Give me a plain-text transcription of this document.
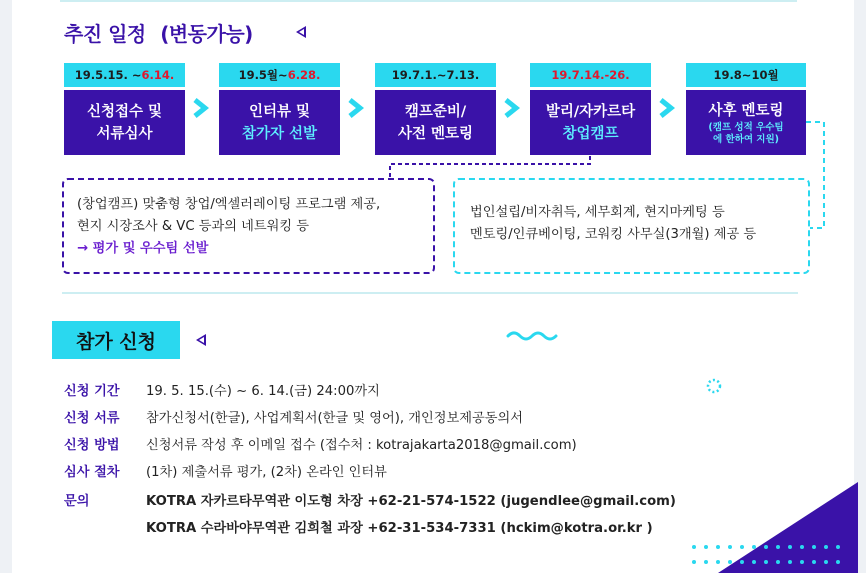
추진 일정 (변동가능)
19.5.15. ~ 6.14.
신청접수 및
서류심사
19.5월~ 6.28.
인터뷰 및
참가자 선발
19.7.1.~7.13.
캠프준비/
사전 멘토링
19.7.14.-26.
발리/자카르타
창업캠프
19.8~10월
사후 멘토링
(캠프 성적 우수팀
에 한하여 지원)
(창업캠프) 맞춤형 창업/엑셀러레이팅 프로그램 제공,
현지 시장조사 & VC 등과의 네트워킹 등
→ 평가 및 우수팀 선발
법인설립/비자취득, 세무회계, 현지마케팅 등
멘토링/인큐베이팅, 코워킹 사무실(3개월) 제공 등
참가 신청
신청 기간 19. 5. 15.(수) ~ 6. 14.(금) 24:00까지
신청 서류 참가신청서(한글), 사업계획서(한글 및 영어), 개인정보제공동의서
신청 방법 신청서류 작성 후 이메일 접수 (접수처 : kotrajakarta2018@gmail.com)
심사 절차 (1차) 제출서류 평가, (2차) 온라인 인터뷰
문의	KOTRA 자카르타무역관 이도형 차장 +62-21-574-1522 (jugendlee@gmail.com)
KOTRA 수라바야무역관 김희철 과장 +62-31-534-7331 (hckim@kotra.or.kr )
